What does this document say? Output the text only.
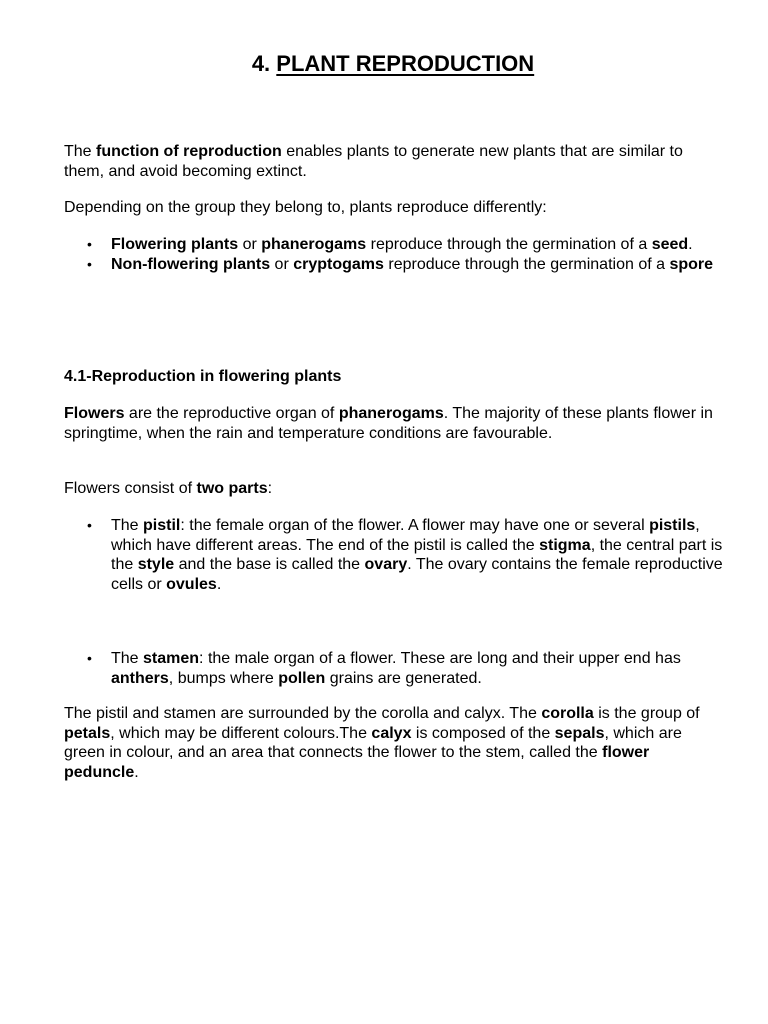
4. PLANT REPRODUCTION

The function of reproduction enables plants to generate new plants that are similar to them, and avoid becoming extinct.

Depending on the group they belong to, plants reproduce differently:

• Flowering plants or phanerogams reproduce through the germination of a seed.
• Non-flowering plants or cryptogams reproduce through the germination of a spore
4.1-Reproduction in flowering plants

Flowers are the reproductive organ of phanerogams. The majority of these plants flower in springtime, when the rain and temperature conditions are favourable.

Flowers consist of two parts:

• The pistil: the female organ of the flower. A flower may have one or several pistils, which have different areas. The end of the pistil is called the stigma, the central part is the style and the base is called the ovary. The ovary contains the female reproductive cells or ovules.
• The stamen: the male organ of a flower. These are long and their upper end has anthers, bumps where pollen grains are generated.

The pistil and stamen are surrounded by the corolla and calyx. The corolla is the group of petals, which may be different colours.The calyx is composed of the sepals, which are green in colour, and an area that connects the flower to the stem, called the flower peduncle.
